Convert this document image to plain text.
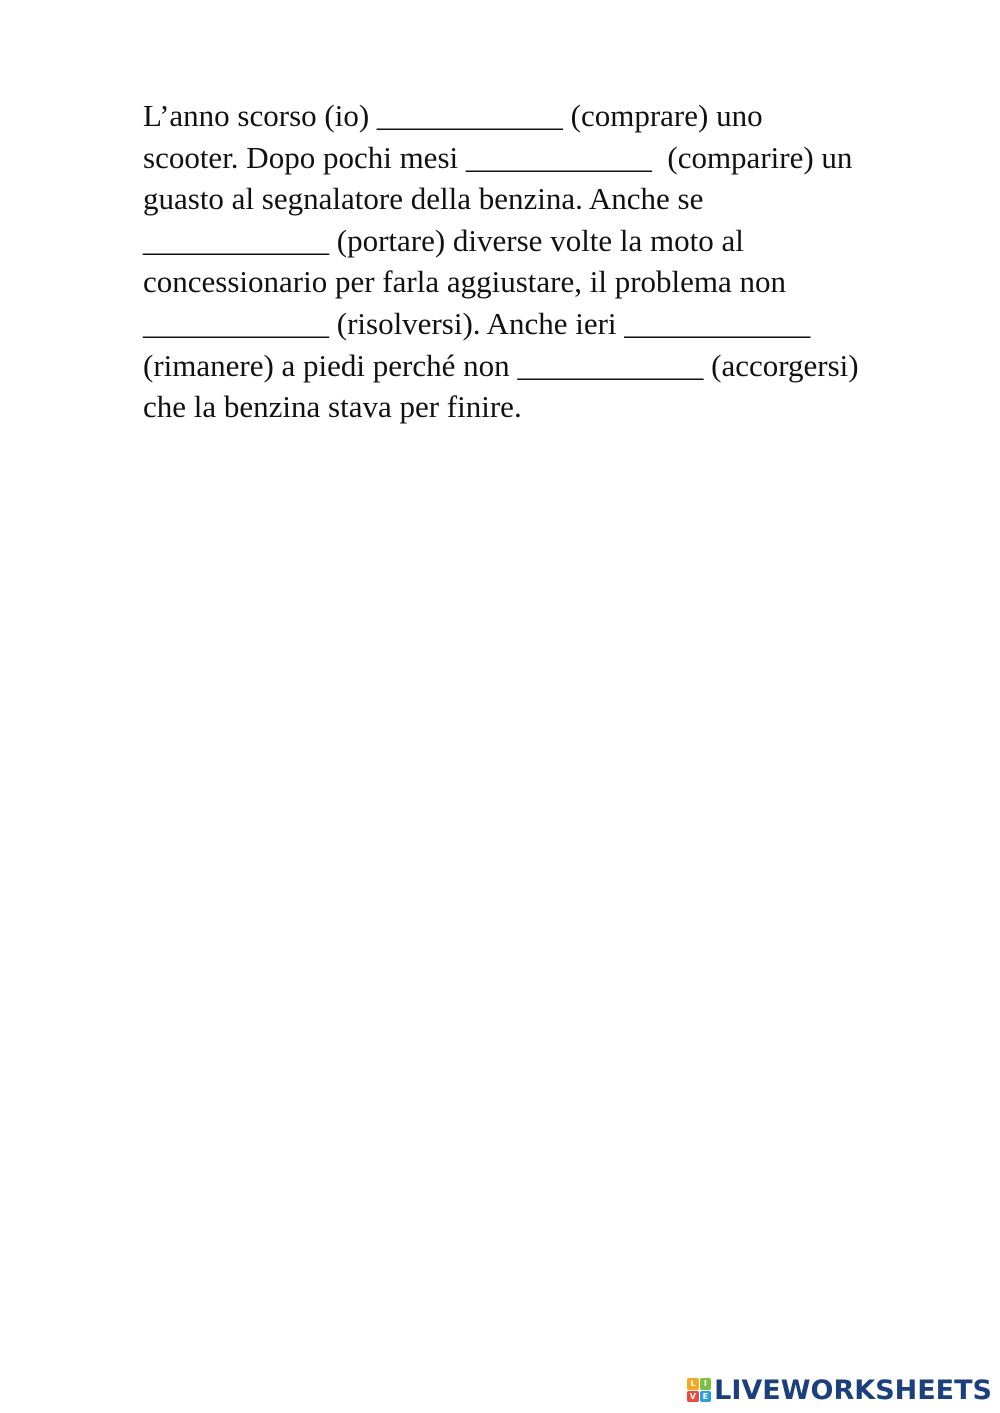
L’anno scorso (io) ____________ (comprare) uno
scooter. Dopo pochi mesi ____________  (comparire) un
guasto al segnalatore della benzina. Anche se
____________ (portare) diverse volte la moto al
concessionario per farla aggiustare, il problema non
____________ (risolversi). Anche ieri ____________
(rimanere) a piedi perché non ____________ (accorgersi)
che la benzina stava per finire.
L	I
V E LIVEWORKSHEETS
